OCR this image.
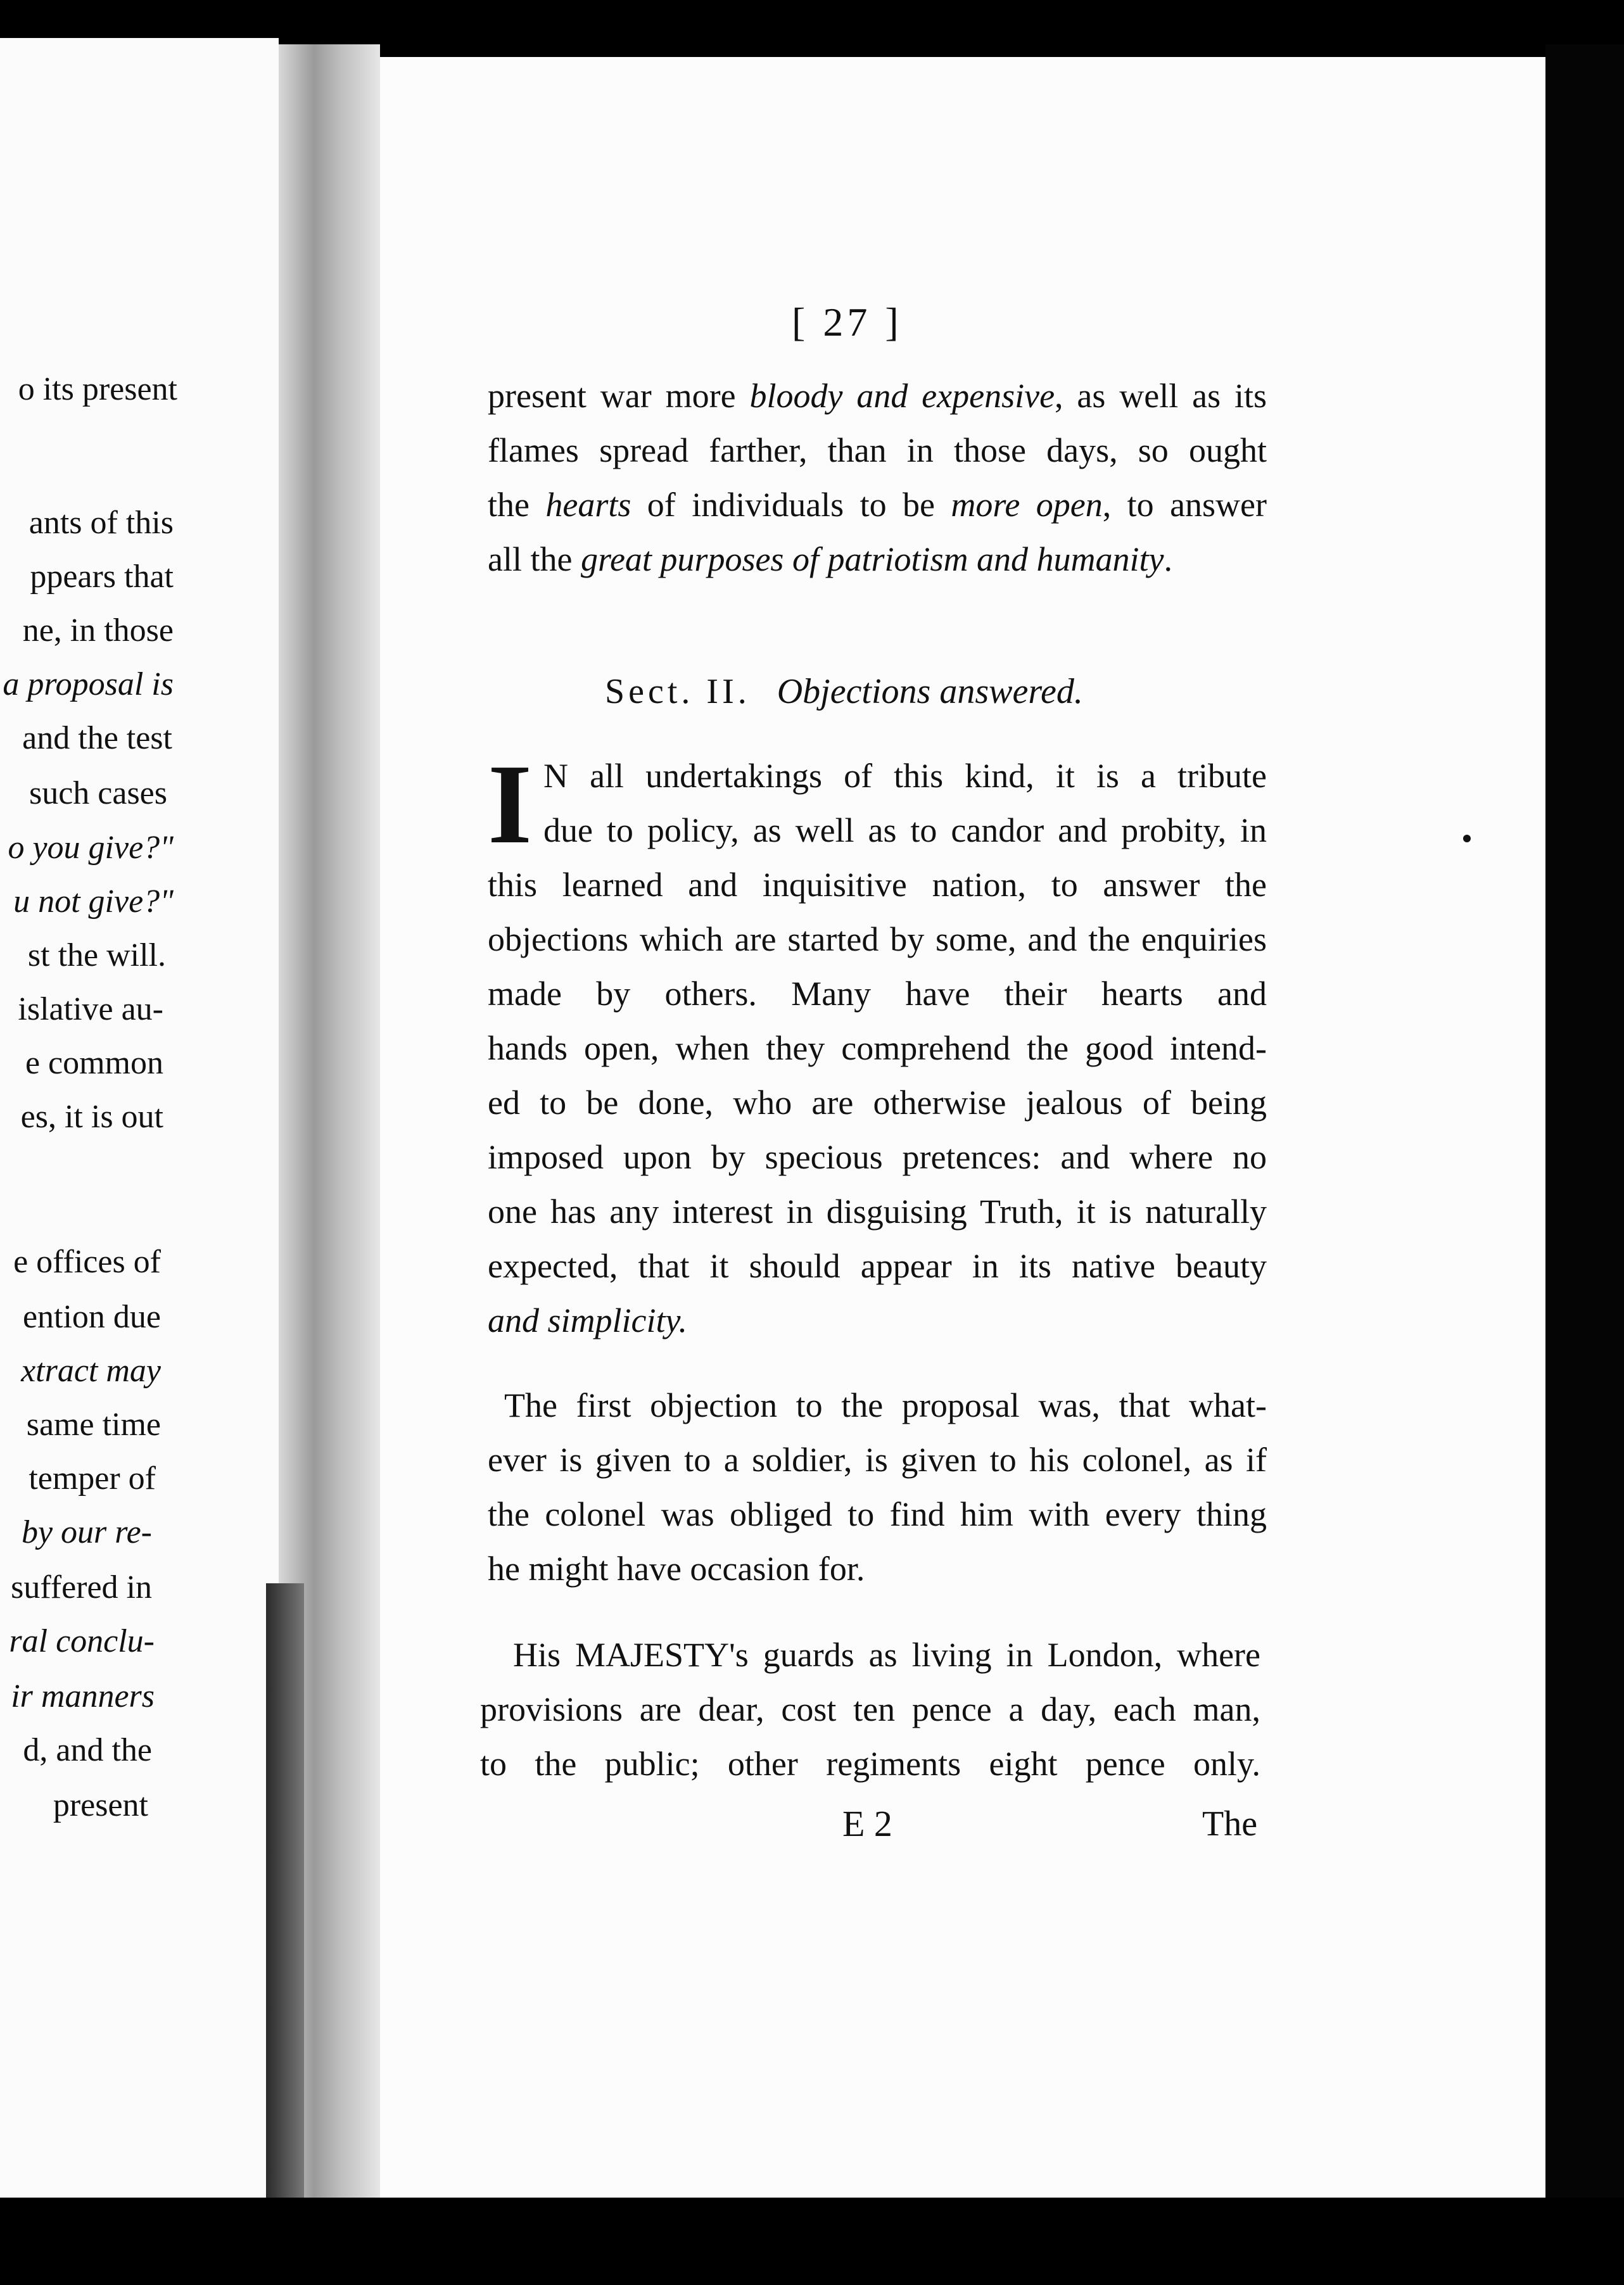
o its present
ants of this
ppears that
ne, in those
a proposal is
and the test
such cases
o you give?"
u not give?"
st the will.
islative au-
e common
es, it is out
e offices of
ention due
xtract may
same time
temper of
by our re-
suffered in
ral conclu-
ir manners
d, and the
present
[ 27 ]
present war more bloody and expensive, as well as its
flames spread farther, than in those days, so ought
the hearts of individuals to be more open, to answer
all the great purposes of patriotism and humanity.
Sect. II. Objections answered.
I N all undertakings of this kind, it is a tribute
due to policy, as well as to candor and probity, in
this learned and inquisitive nation, to answer the
objections which are started by some, and the enquiries
made by others. Many have their hearts and
hands open, when they comprehend the good intend-
ed to be done, who are otherwise jealous of being
imposed upon by specious pretences: and where no
one has any interest in disguising Truth, it is naturally
expected, that it should appear in its native beauty
and simplicity.
The first objection to the proposal was, that what-
ever is given to a soldier, is given to his colonel, as if
the colonel was obliged to find him with every thing
he might have occasion for.
His MAJESTY's guards as living in London, where
provisions are dear, cost ten pence a day, each man,
to the public; other regiments eight pence only.
E 2	The
